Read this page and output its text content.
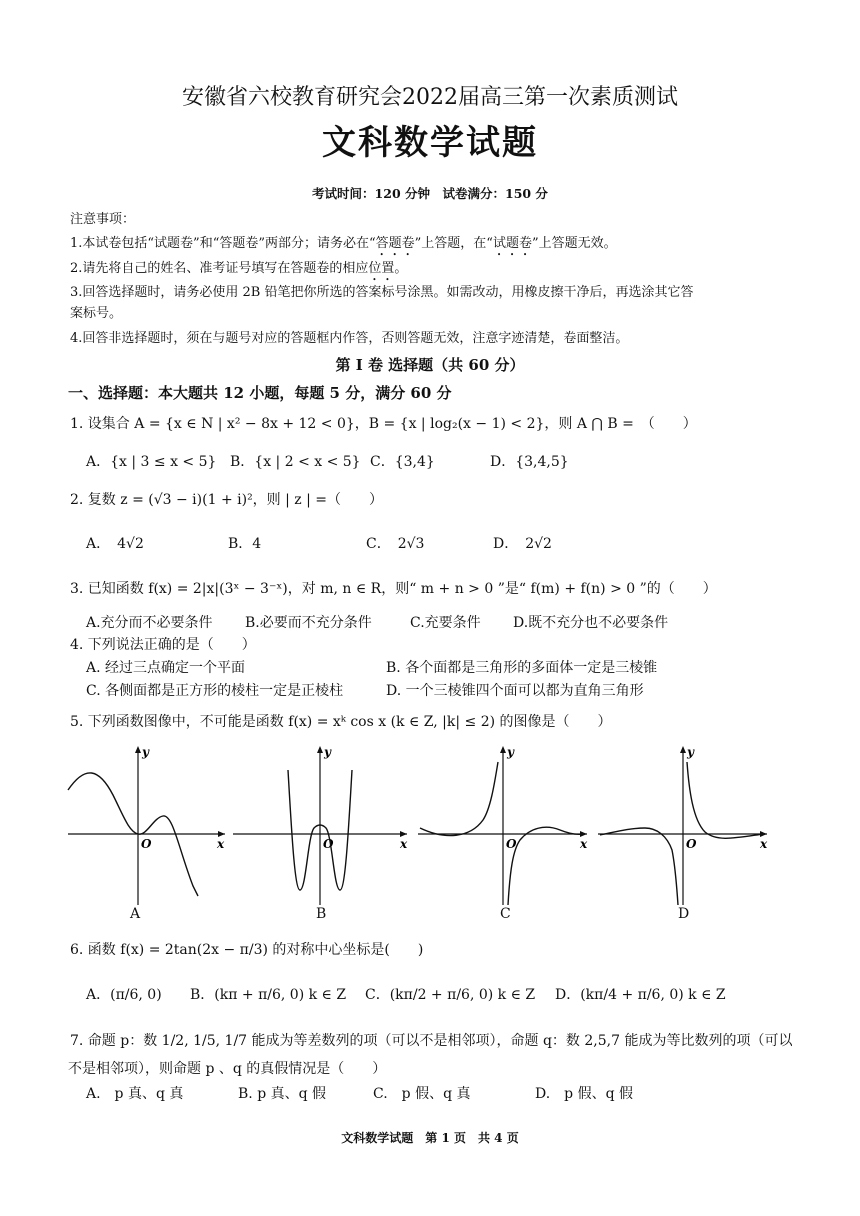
安徽省六校教育研究会2022届高三第一次素质测试
文科数学试题
考试时间：120 分钟　试卷满分：150 分
注意事项：
1.本试卷包括“试题卷”和“答题卷”两部分；请务必在“答题卷”上答题，在“试题卷”上答题无效。
2.请先将自己的姓名、准考证号填写在答题卷的相应位置。
3.回答选择题时，请务必使用 2B 铅笔把你所选的答案标号涂黑。如需改动，用橡皮擦干净后，再选涂其它答
案标号。
4.回答非选择题时，须在与题号对应的答题框内作答，否则答题无效，注意字迹清楚，卷面整洁。
第 I 卷 选择题（共 60 分）
一、选择题：本大题共 12 小题，每题 5 分，满分 60 分
1. 设集合 A = {x ∈ N | x² − 8x + 12 < 0}，B = {x | log₂(x − 1) < 2}，则 A ⋂ B =　（　　）
A．{x | 3 ≤ x < 5} B．{x | 2 < x < 5} C．{3,4}	D．{3,4,5}
2. 复数 z = (√3 − i)(1 + i)²，则 | z | =（　　）
A．　4√2	B．4	C．　2√3	D．　2√2
3. 已知函数 f(x) = 2|x|(3ˣ − 3⁻ˣ)，对 m, n ∈ R，则“ m + n > 0 ”是“ f(m) + f(n) > 0 ”的（　　）
A.充分而不必要条件 B.必要而不充分条件	C.充要条件 D.既不充分也不必要条件
4. 下列说法正确的是（　　）
A. 经过三点确定一个平面	B. 各个面都是三角形的多面体一定是三棱锥
C. 各侧面都是正方形的棱柱一定是正棱柱	D. 一个三棱锥四个面可以都为直角三角形
5. 下列函数图像中，不可能是函数 f(x) = xᵏ cos x (k ∈ Z, |k| ≤ 2) 的图像是（　　）
y
x
O
A
y
x
O
B
y
x
O
C
y
x
O
D
6. 函数 f(x) = 2tan(2x − π/3) 的对称中心坐标是(　　)
A．(π/6, 0) B．(kπ + π/6, 0) k ∈ Z C．(kπ/2 + π/6, 0) k ∈ Z D．(kπ/4 + π/6, 0) k ∈ Z
7. 命题 p：数 1/2, 1/5, 1/7 能成为等差数列的项（可以不是相邻项），命题 q：数 2,5,7 能成为等比数列的项（可以
不是相邻项），则命题 p 、q 的真假情况是（　　）
A.　p 真、q 真	B. p 真、q 假	C.　p 假、q 真	D.　p 假、q 假
文科数学试题　第 1 页　共 4 页
